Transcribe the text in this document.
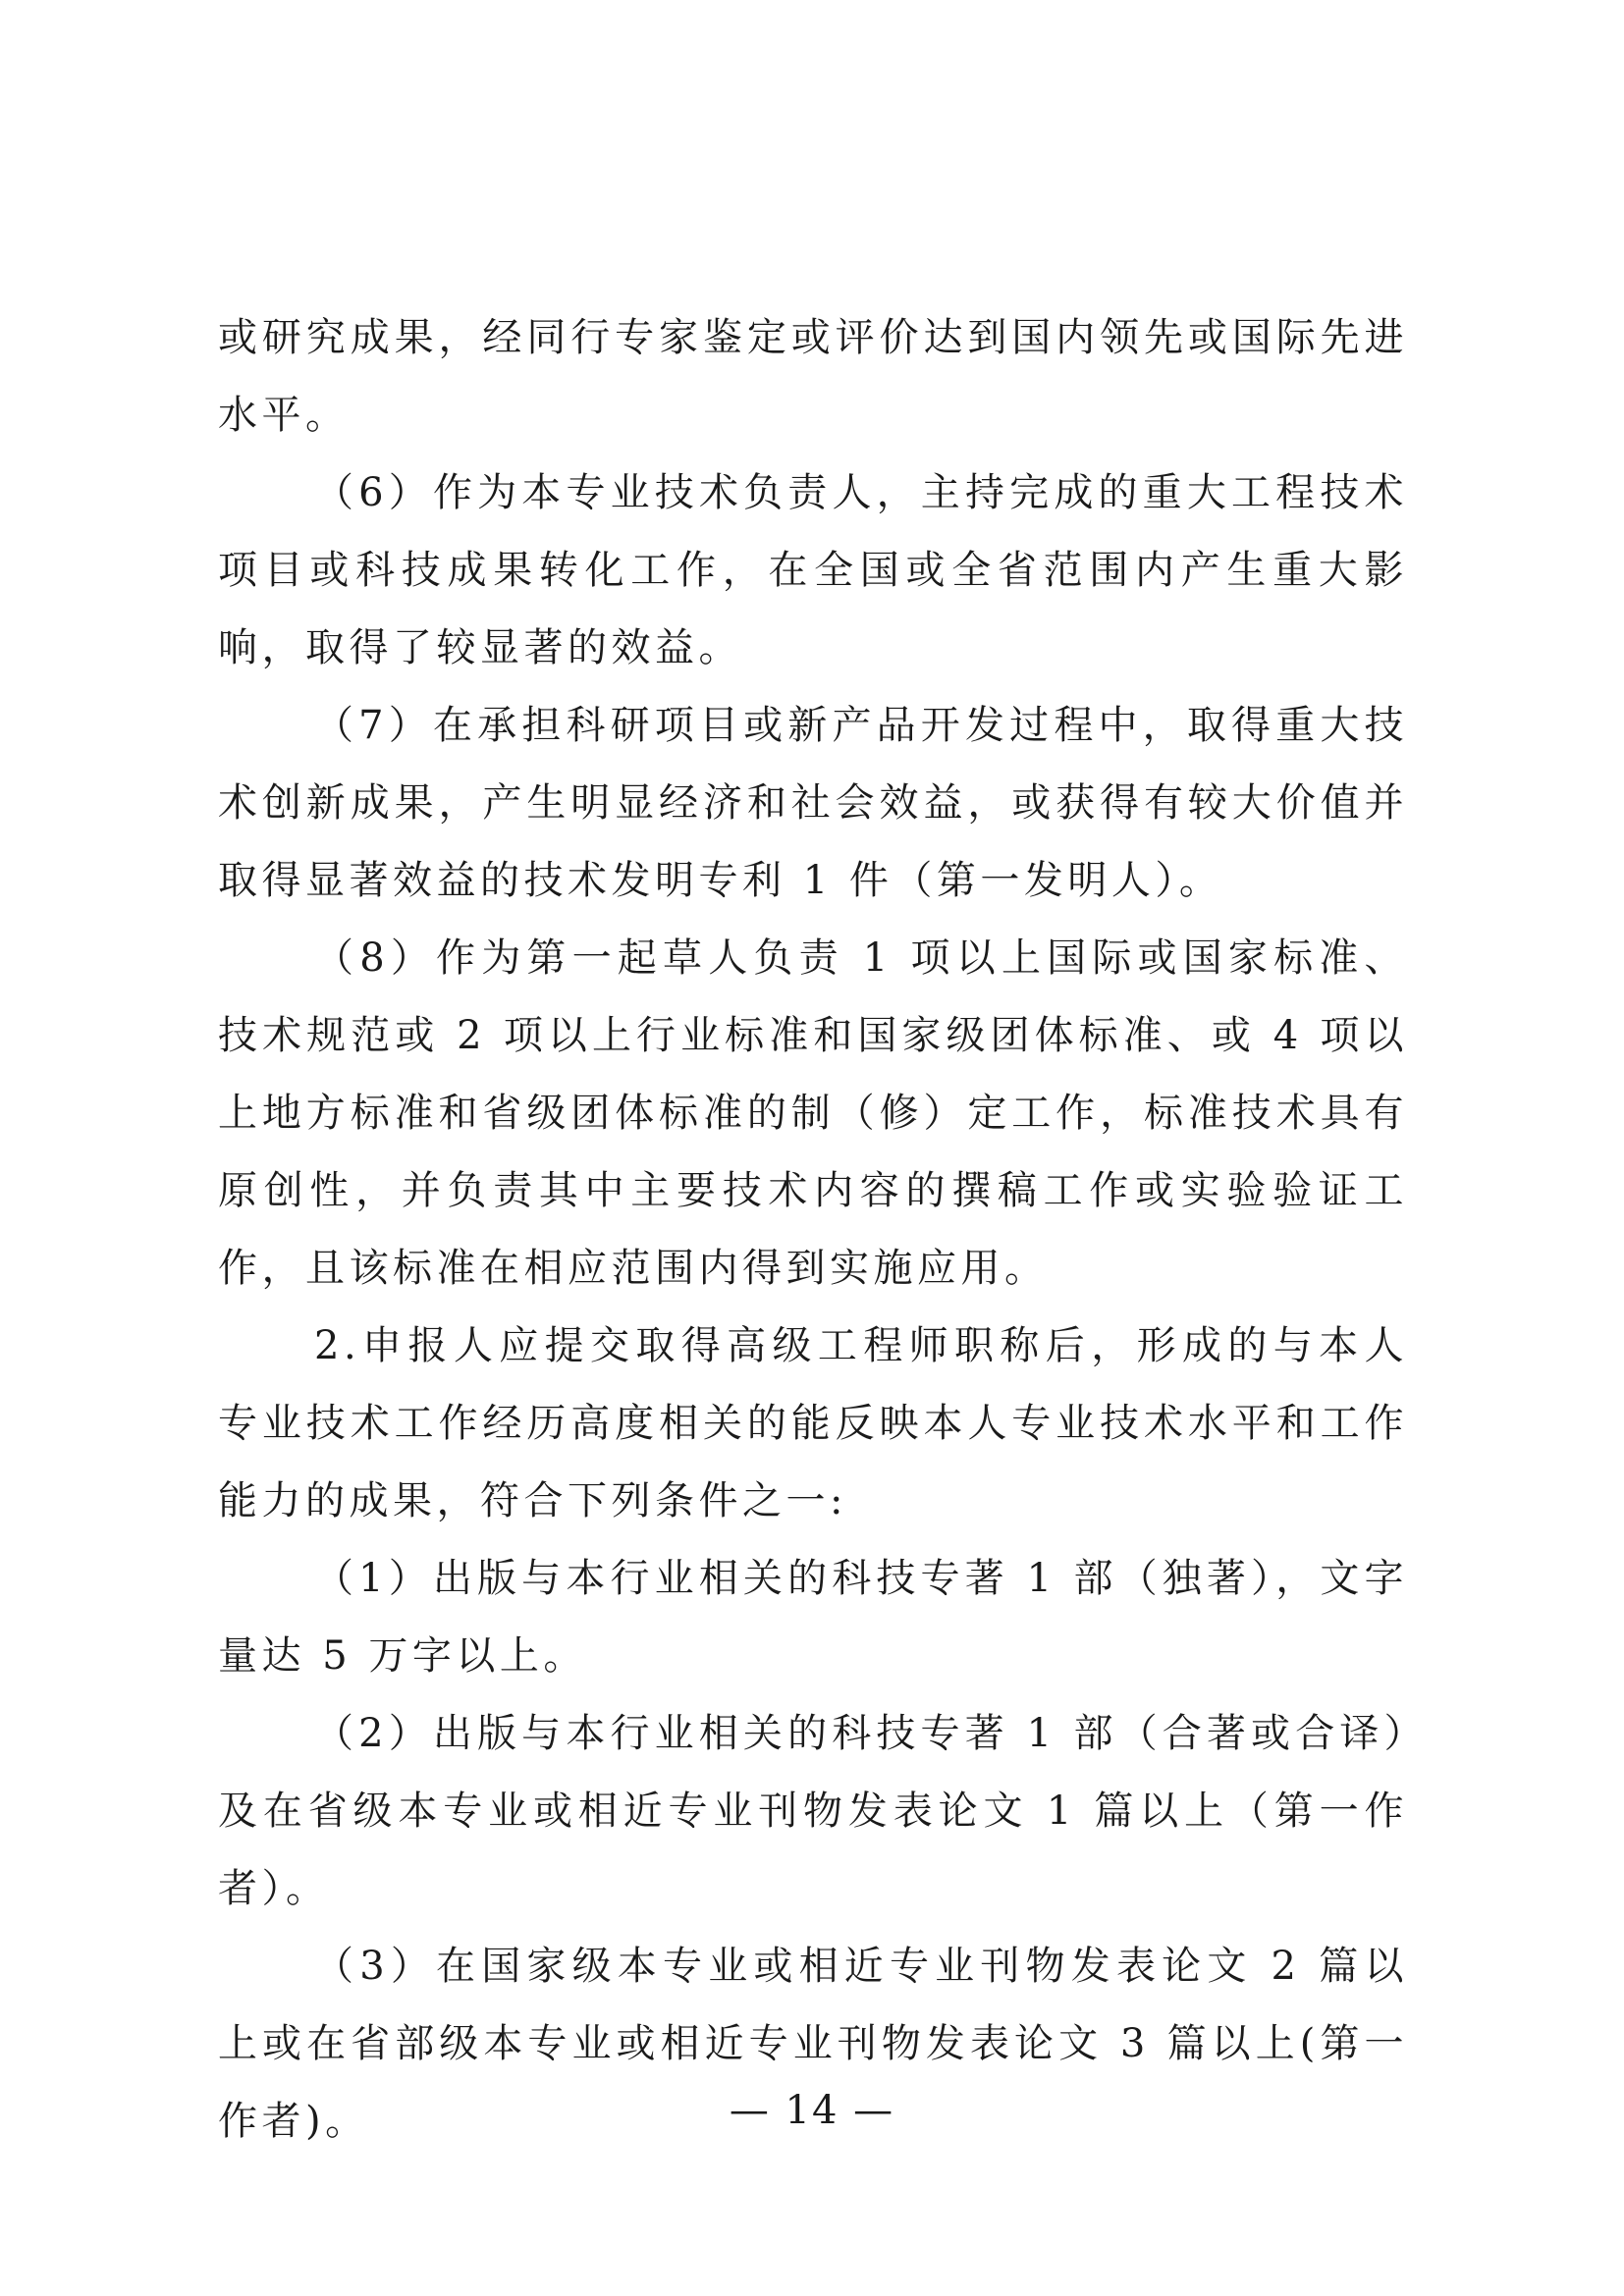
或研究成果，经同行专家鉴定或评价达到国内领先或国际先进水平。

（6）作为本专业技术负责人，主持完成的重大工程技术项目或科技成果转化工作，在全国或全省范围内产生重大影响，取得了较显著的效益。

（7）在承担科研项目或新产品开发过程中，取得重大技术创新成果，产生明显经济和社会效益，或获得有较大价值并取得显著效益的技术发明专利 1 件（第一发明人）。

（8）作为第一起草人负责 1 项以上国际或国家标准、技术规范或 2 项以上行业标准和国家级团体标准、或 4 项以上地方标准和省级团体标准的制（修）定工作，标准技术具有原创性，并负责其中主要技术内容的撰稿工作或实验验证工作，且该标准在相应范围内得到实施应用。

2.申报人应提交取得高级工程师职称后，形成的与本人专业技术工作经历高度相关的能反映本人专业技术水平和工作能力的成果，符合下列条件之一:

（1）出版与本行业相关的科技专著 1 部（独著），文字量达 5 万字以上。

（2）出版与本行业相关的科技专著 1 部（合著或合译）及在省级本专业或相近专业刊物发表论文 1 篇以上（第一作者）。

（3）在国家级本专业或相近专业刊物发表论文 2 篇以上或在省部级本专业或相近专业刊物发表论文 3 篇以上(第一作者)。	— 14 —
